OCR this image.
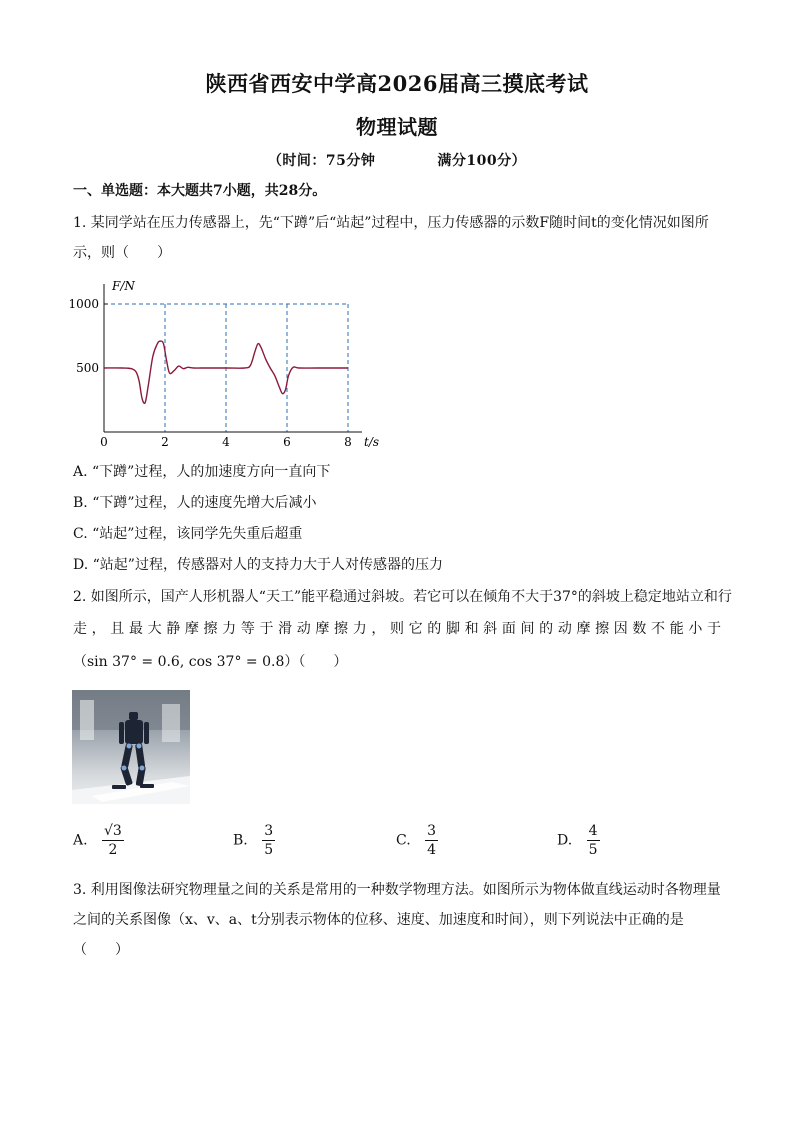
陕西省西安中学高2026届高三摸底考试
物理试题
（时间：75分钟	满分100分）
一、单选题：本大题共7小题，共28分。
1. 某同学站在压力传感器上，先“下蹲”后“站起”过程中，压力传感器的示数F随时间t的变化情况如图所
示，则（　　）
0	2	4	6	8
500
1000
t/s
F/N
A. “下蹲”过程，人的加速度方向一直向下
B. “下蹲”过程，人的速度先增大后减小
C. “站起”过程，该同学先失重后超重
D. “站起”过程，传感器对人的支持力大于人对传感器的压力
2. 如图所示，国产人形机器人“天工”能平稳通过斜坡。若它可以在倾角不大于37°的斜坡上稳定地站立和行
走，且最大静摩擦力等于滑动摩擦力，则它的脚和斜面间的动摩擦因数不能小于
（sin 37° = 0.6, cos 37° = 0.8）（　　）
A. $\frac{√3}{2}$	B. $\frac{3}{5}$	C. $\frac{3}{4}$	D. $\frac{4}{5}$
3. 利用图像法研究物理量之间的关系是常用的一种数学物理方法。如图所示为物体做直线运动时各物理量
之间的关系图像（x、v、a、t分别表示物体的位移、速度、加速度和时间），则下列说法中正确的是
（　　）
